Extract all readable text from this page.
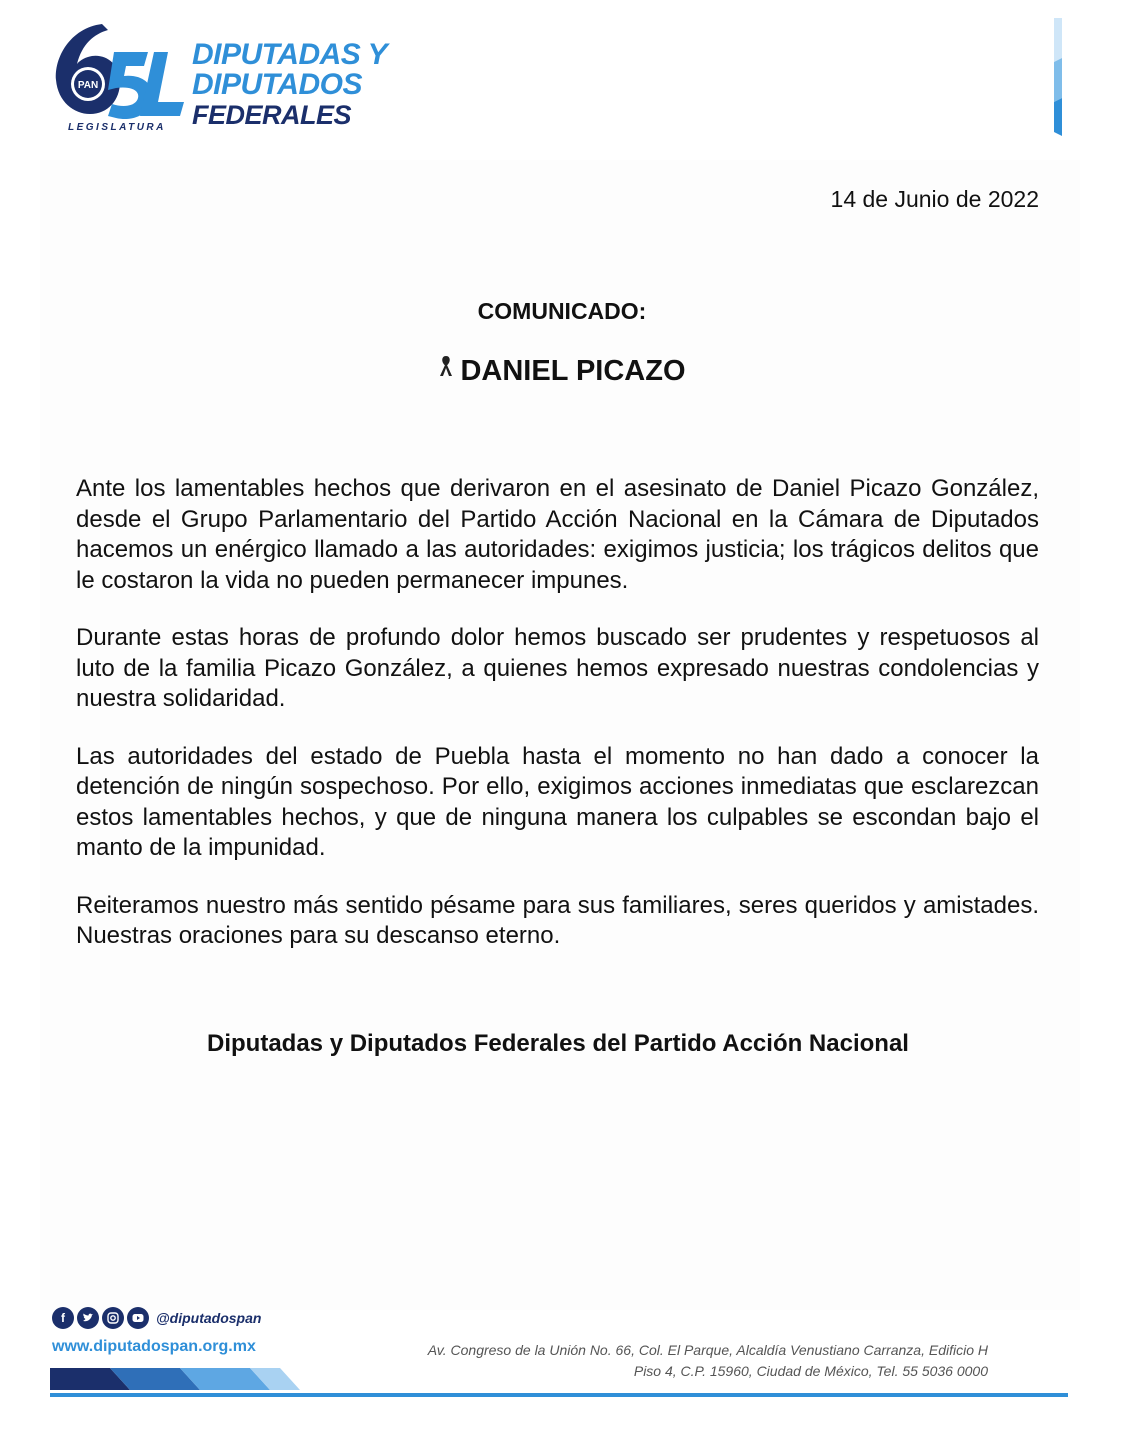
PAN
LEGISLATURA
DIPUTADAS Y
DIPUTADOS
FEDERALES
14 de Junio de 2022
COMUNICADO:
DANIEL PICAZO

Ante los lamentables hechos que derivaron en el asesinato de Daniel Picazo González, desde el Grupo Parlamentario del Partido Acción Nacional en la Cámara de Diputados hacemos un enérgico llamado a las autoridades: exigimos justicia; los trágicos delitos que le costaron la vida no pueden permanecer impunes.

Durante estas horas de profundo dolor hemos buscado ser prudentes y respetuosos al luto de la familia Picazo González, a quienes hemos expresado nuestras condolencias y nuestra solidaridad.

Las autoridades del estado de Puebla hasta el momento no han dado a conocer la detención de ningún sospechoso. Por ello, exigimos acciones inmediatas que esclarezcan estos lamentables hechos, y que de ninguna manera los culpables se escondan bajo el manto de la impunidad.

Reiteramos nuestro más sentido pésame para sus familiares, seres queridos y amistades. Nuestras oraciones para su descanso eterno.

Diputadas y Diputados Federales del Partido Acción Nacional
f	@diputadospan
www.diputadospan.org.mx	Av. Congreso de la Unión No. 66, Col. El Parque, Alcaldía Venustiano Carranza, Edificio H
Piso 4, C.P. 15960, Ciudad de México, Tel. 55 5036 0000
